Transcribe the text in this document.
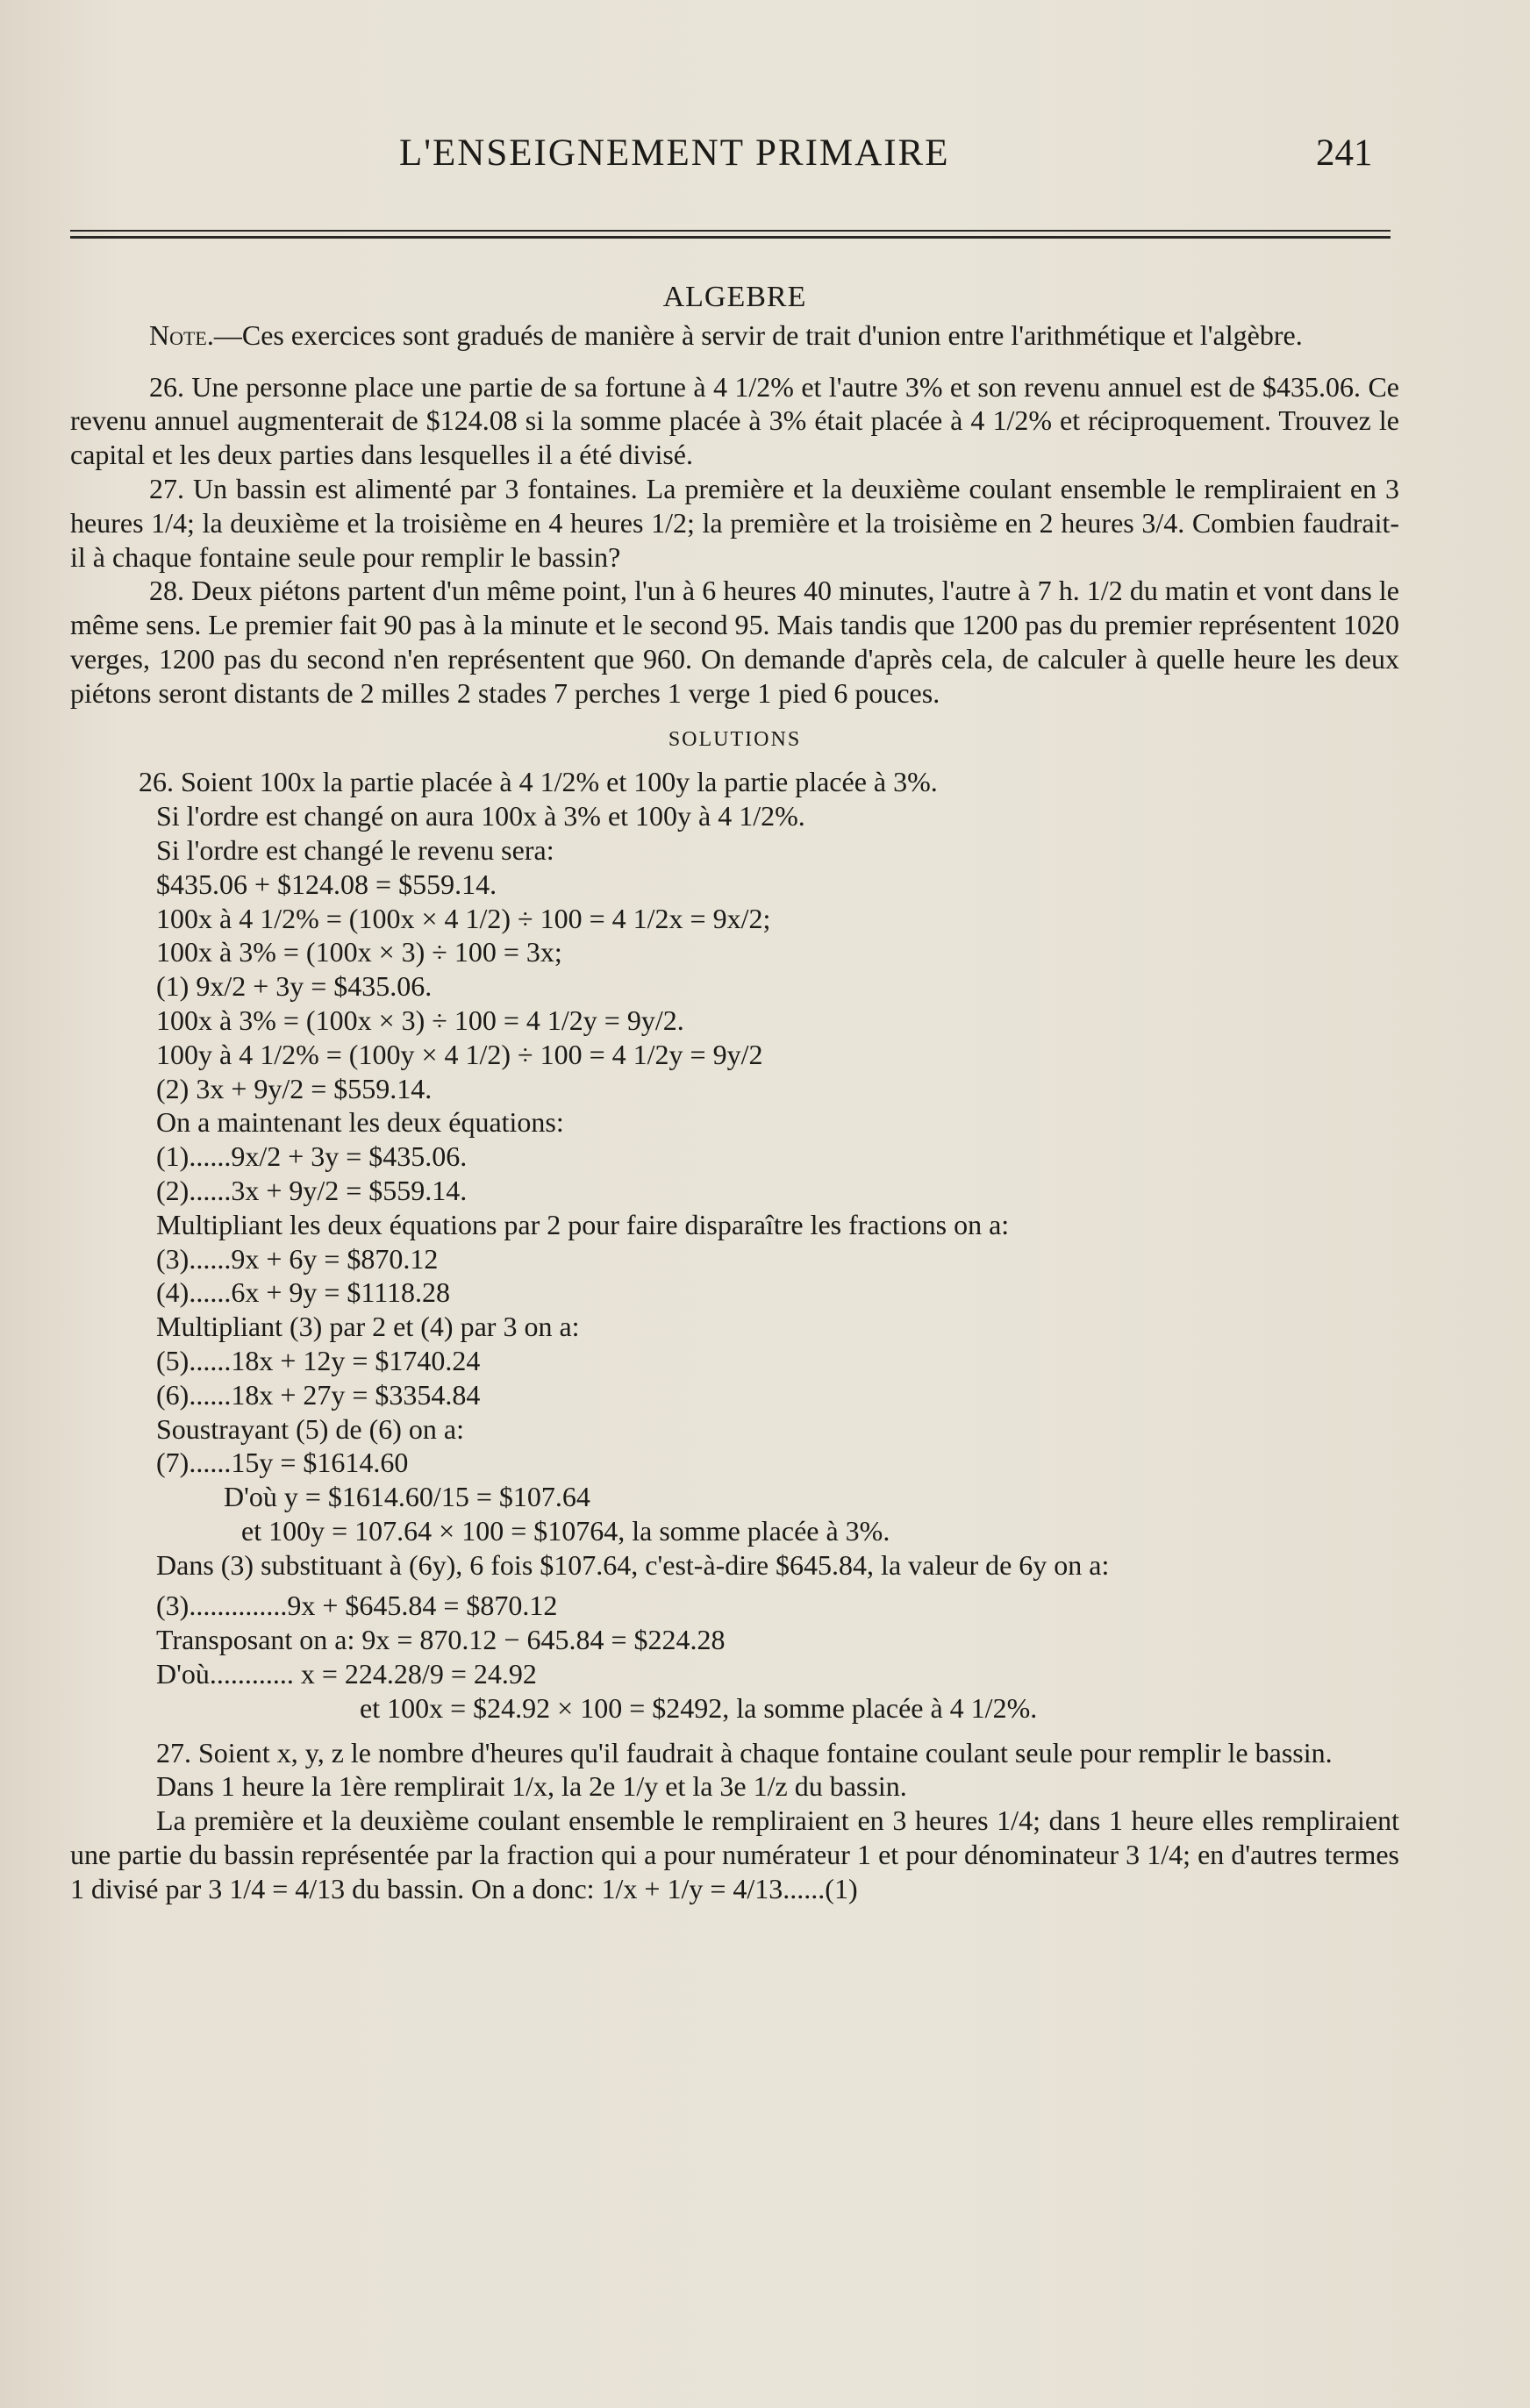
L'ENSEIGNEMENT PRIMAIRE	241
ALGEBRE

Note.—Ces exercices sont gradués de manière à servir de trait d'union entre l'arithmétique et l'algèbre.

26. Une personne place une partie de sa fortune à 4 1/2% et l'autre 3% et son revenu annuel est de $435.06. Ce revenu annuel augmenterait de $124.08 si la somme placée à 3% était placée à 4 1/2% et réciproquement. Trouvez le capital et les deux parties dans lesquelles il a été divisé.

27. Un bassin est alimenté par 3 fontaines. La première et la deuxième coulant ensemble le rempliraient en 3 heures 1/4; la deuxième et la troisième en 4 heures 1/2; la première et la troisième en 2 heures 3/4. Combien faudrait-il à chaque fontaine seule pour remplir le bassin?

28. Deux piétons partent d'un même point, l'un à 6 heures 40 minutes, l'autre à 7 h. 1/2 du matin et vont dans le même sens. Le premier fait 90 pas à la minute et le second 95. Mais tandis que 1200 pas du premier représentent 1020 verges, 1200 pas du second n'en représentent que 960. On demande d'après cela, de calculer à quelle heure les deux piétons seront distants de 2 milles 2 stades 7 perches 1 verge 1 pied 6 pouces.

SOLUTIONS

26. Soient 100x la partie placée à 4 1/2% et 100y la partie placée à 3%.

Si l'ordre est changé on aura 100x à 3% et 100y à 4 1/2%.
Si l'ordre est changé le revenu sera:
$435.06 + $124.08 = $559.14.
100x à 4 1/2% = (100x × 4 1/2) ÷ 100 = 4 1/2x = 9x/2;
100x à 3% = (100x × 3) ÷ 100 = 3x;
(1) 9x/2 + 3y = $435.06.
100x à 3% = (100x × 3) ÷ 100 = 4 1/2y = 9y/2.
100y à 4 1/2% = (100y × 4 1/2) ÷ 100 = 4 1/2y = 9y/2
(2) 3x + 9y/2 = $559.14.
On a maintenant les deux équations:
(1)......9x/2 + 3y = $435.06.
(2)......3x + 9y/2 = $559.14.
Multipliant les deux équations par 2 pour faire disparaître les fractions on a:
(3)......9x + 6y = $870.12
(4)......6x + 9y = $1118.28
Multipliant (3) par 2 et (4) par 3 on a:
(5)......18x + 12y = $1740.24
(6)......18x + 27y = $3354.84
Soustrayant (5) de (6) on a:
(7)......15y = $1614.60
D'où y = $1614.60/15 = $107.64
et 100y = 107.64 × 100 = $10764, la somme placée à 3%.

Dans (3) substituant à (6y), 6 fois $107.64, c'est-à-dire $645.84, la valeur de 6y on a:

(3)..............9x + $645.84 = $870.12
Transposant on a: 9x = 870.12 − 645.84 = $224.28
D'où............ x = 224.28/9 = 24.92
et 100x = $24.92 × 100 = $2492, la somme placée à 4 1/2%.

27. Soient x, y, z le nombre d'heures qu'il faudrait à chaque fontaine coulant seule pour remplir le bassin.

Dans 1 heure la 1ère remplirait 1/x, la 2e 1/y et la 3e 1/z du bassin.

La première et la deuxième coulant ensemble le rempliraient en 3 heures 1/4; dans 1 heure elles rempliraient une partie du bassin représentée par la fraction qui a pour numérateur 1 et pour dénominateur 3 1/4; en d'autres termes 1 divisé par 3 1/4 = 4/13 du bassin. On a donc: 1/x + 1/y = 4/13......(1)
